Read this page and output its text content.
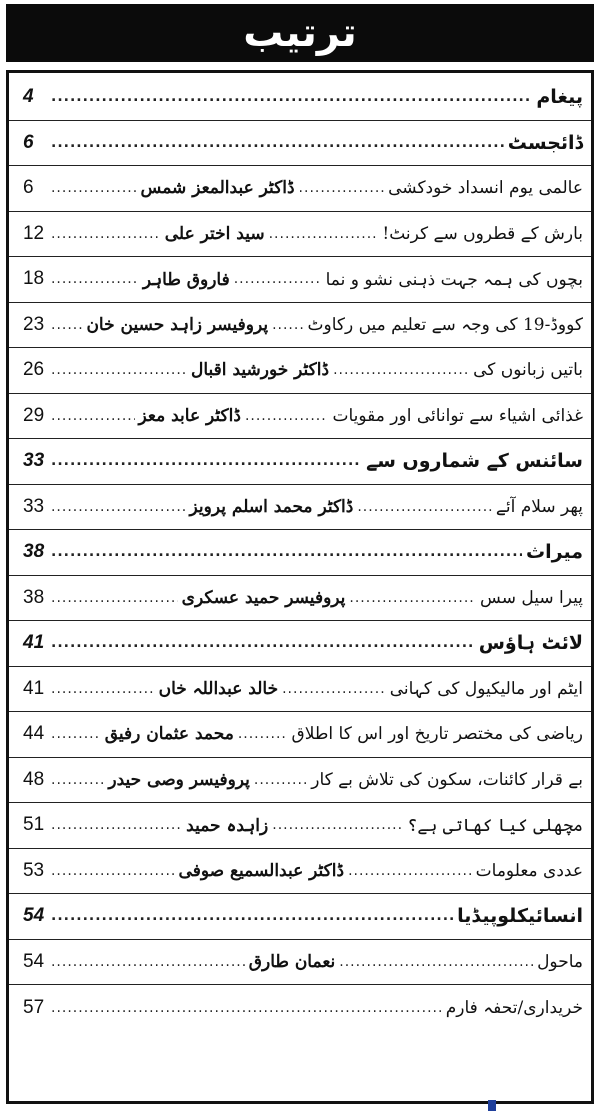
ترتیب
پیغام
.....
4
ڈائجسٹ
.....
6
عالمی یوم انسداد خودکشی
.....
ڈاکٹر عبدالمعز شمس
.....
6
بارش کے قطروں سے کرنٹ!
.....
سید اختر علی
.....
12
بچوں کی ہمہ جہت ذہنی نشو و نما
.....
فاروق طاہر
.....
18
کووڈ-19 کی وجہ سے تعلیم میں رکاوٹ
.....
پروفیسر زاہد حسین خان
.....
23
باتیں زبانوں کی
.....
ڈاکٹر خورشید اقبال
.....
26
غذائی اشیاء سے توانائی اور مقویات
.....
ڈاکٹر عابد معز
.....
29
سائنس کے شماروں سے
.....
33
پھر سلام آئے
.....
ڈاکٹر محمد اسلم پرویز
.....
33
میراث
.....
38
پیرا سیل سس
.....
پروفیسر حمید عسکری
.....
38
لائٹ ہاؤس
.....
41
ایٹم اور مالیکیول کی کہانی
.....
خالد عبداللہ خاں
.....
41
ریاضی کی مختصر تاریخ اور اس کا اطلاق
.....
محمد عثمان رفیق
.....
44
بے قرار کائنات، سکون کی تلاش بے کار
.....
پروفیسر وصی حیدر
.....
48
مچھلی کیا کھاتی ہے؟
.....
زاہدہ حمید
.....
51
عددی معلومات
.....
ڈاکٹر عبدالسمیع صوفی
.....
53
انسائیکلوپیڈیا
.....
54
ماحول
.....
نعمان طارق
.....
54
خریداری/تحفہ فارم
.....
57
